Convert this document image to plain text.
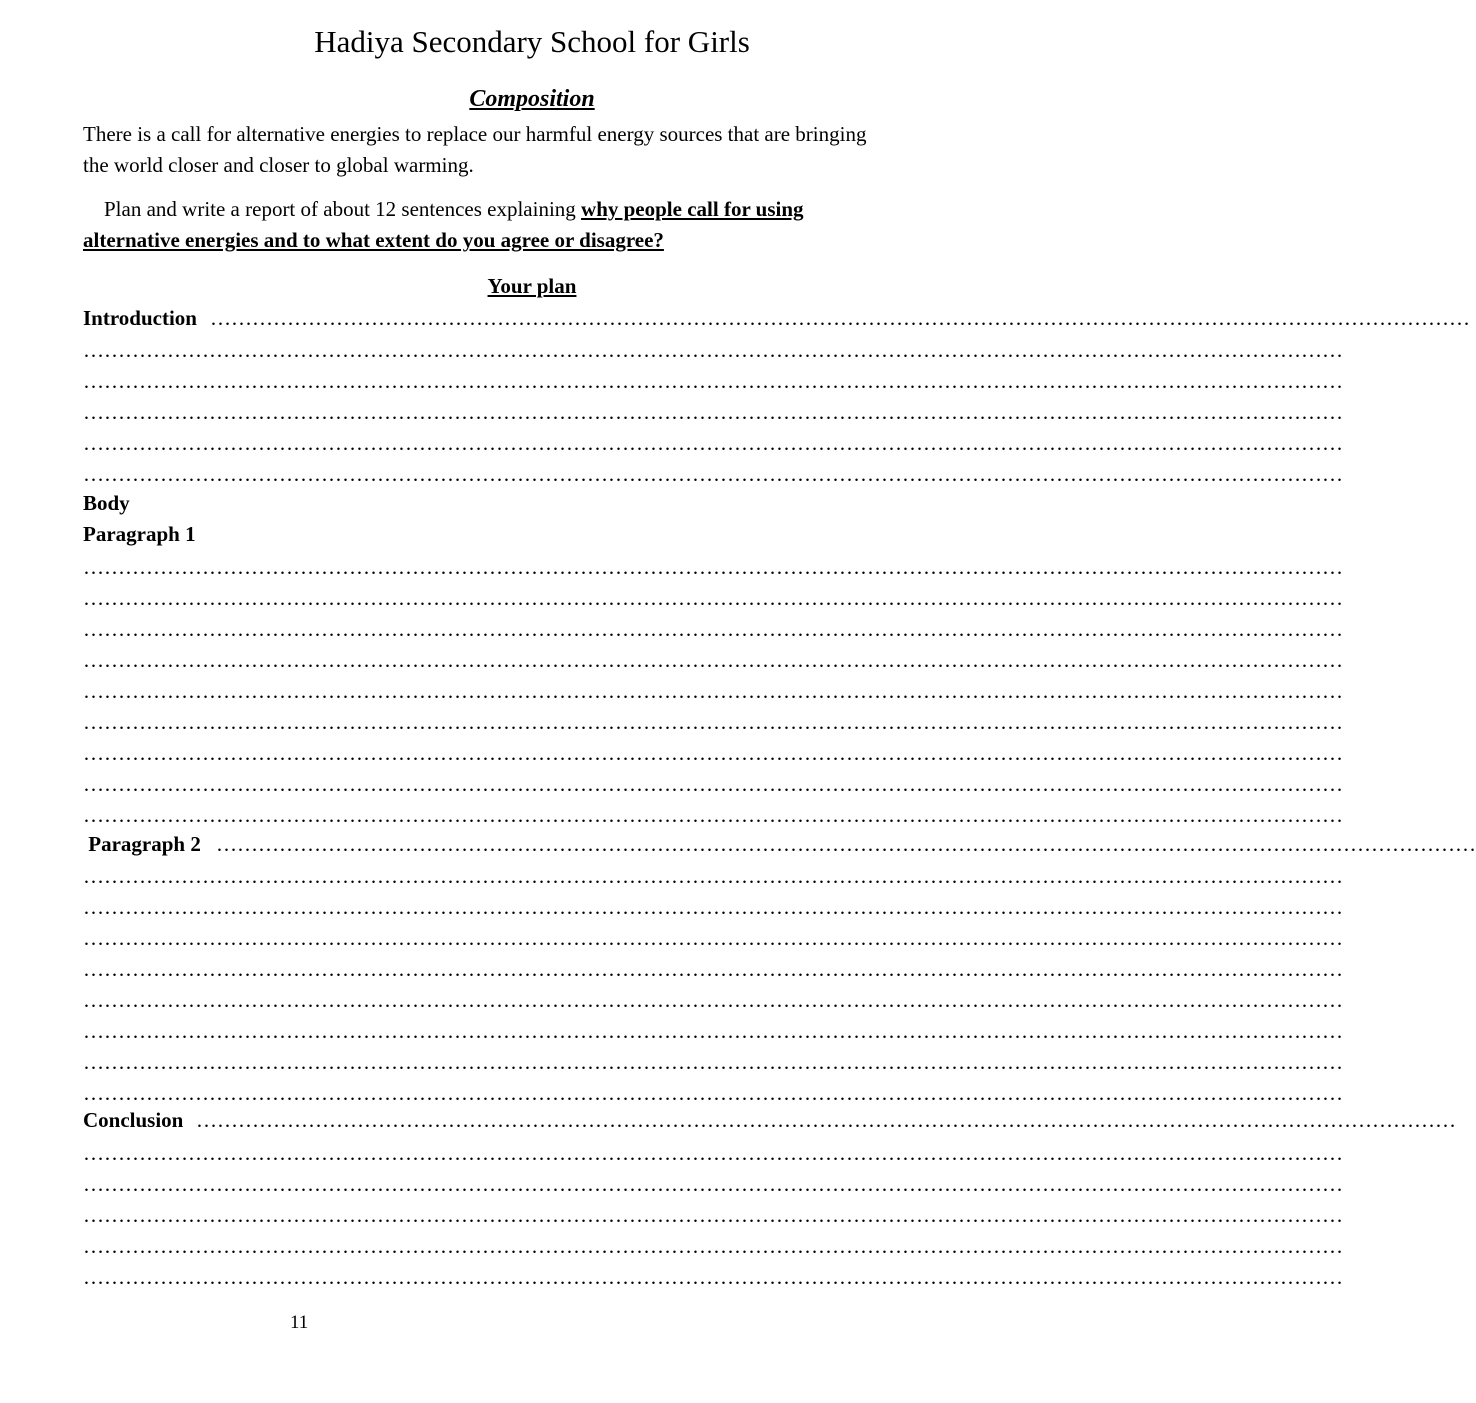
Hadiya Secondary School for Girls
Composition

There is a call for alternative energies to replace our harmful energy sources that are bringing

the world closer and closer to global warming.

Plan and write a report of about 12 sentences explaining why people call for using

alternative energies and to what extent do you agree or disagree?

Your plan
Introduction ………………………………………………………………………………………………………………………………………………………………
………………………………………………………………………………………………………………………………………………………………
………………………………………………………………………………………………………………………………………………………………
………………………………………………………………………………………………………………………………………………………………
………………………………………………………………………………………………………………………………………………………………
………………………………………………………………………………………………………………………………………………………………
Body
Paragraph 1
………………………………………………………………………………………………………………………………………………………………
………………………………………………………………………………………………………………………………………………………………
………………………………………………………………………………………………………………………………………………………………
………………………………………………………………………………………………………………………………………………………………
………………………………………………………………………………………………………………………………………………………………
………………………………………………………………………………………………………………………………………………………………
………………………………………………………………………………………………………………………………………………………………
………………………………………………………………………………………………………………………………………………………………
………………………………………………………………………………………………………………………………………………………………
Paragraph 2 ………………………………………………………………………………………………………………………………………………………………
………………………………………………………………………………………………………………………………………………………………
………………………………………………………………………………………………………………………………………………………………
………………………………………………………………………………………………………………………………………………………………
………………………………………………………………………………………………………………………………………………………………
………………………………………………………………………………………………………………………………………………………………
………………………………………………………………………………………………………………………………………………………………
………………………………………………………………………………………………………………………………………………………………
………………………………………………………………………………………………………………………………………………………………
Conclusion ………………………………………………………………………………………………………………………………………………………………
………………………………………………………………………………………………………………………………………………………………
………………………………………………………………………………………………………………………………………………………………
………………………………………………………………………………………………………………………………………………………………
………………………………………………………………………………………………………………………………………………………………
………………………………………………………………………………………………………………………………………………………………
11
